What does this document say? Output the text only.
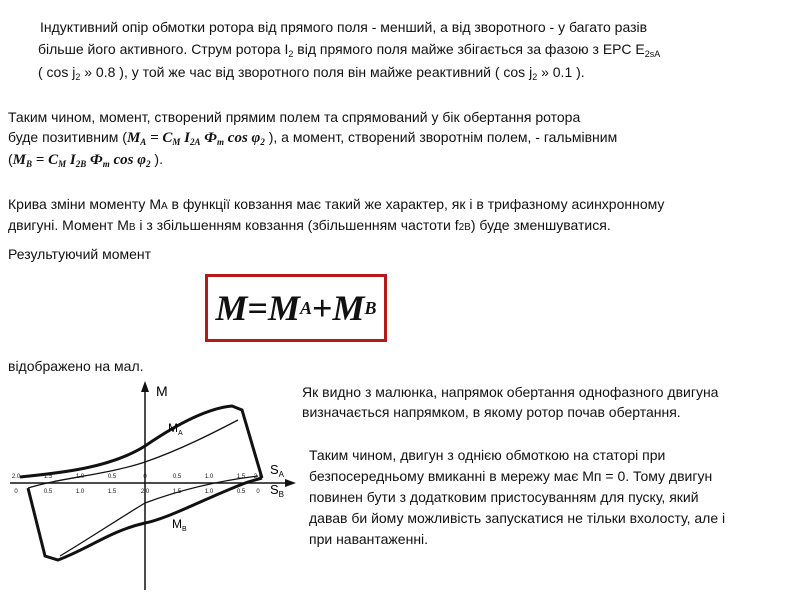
Індуктивний опір обмотки ротора від прямого поля - менший, а від зворотного - у багато разів
більше його активного. Струм ротора $I_2$ від прямого поля майже збігається за фазою з ЕРС $Е_{2sA}$
( $\cos j_2$ » 0.8 ), у той же час від зворотного поля він майже реактивний ( $\cos j_2$ » 0.1 ).
Таким чином, момент, створений прямим полем та спрямований у бік обертання ротора
буде позитивним ($M_A = C_M$ $I_{2A}$ $Ф_m$ $\cos \varphi_2$ ), а момент, створений зворотнім полем, - гальмівним
($M_B = C_M$ $I_{2B}$ $Ф_m$ $\cos \varphi_2$ ).
Крива зміни моменту МA в функції ковзання має такий же характер, як і в трифазному асинхронному
двигуні. Момент МB і з збільшенням ковзання (збільшенням частоти f2B) буде зменшуватися.
Результуючий момент
M = M A + M B
відображено на мал.
Як видно з малюнка, напрямок обертання однофазного двигуна
визначається напрямком, в якому ротор почав обертання.
Таким чином, двигун з однією обмоткою на статорі при
безпосередньому вмиканні в мережу має Мп = 0. Тому двигун
повинен бути з додатковим пристосуванням для пуску, який
давав би йому можливість запускатися не тільки вхолосту, але і
при навантаженні.
M
$M_A$
$M_B$
$S_A$
$S_B$
2.0	1.5	1.0	0.5	0	0.5	1.0	1.5 2.0
0	0.5	1.0	1.5	2.0	1.5	1.0	0.5 0
